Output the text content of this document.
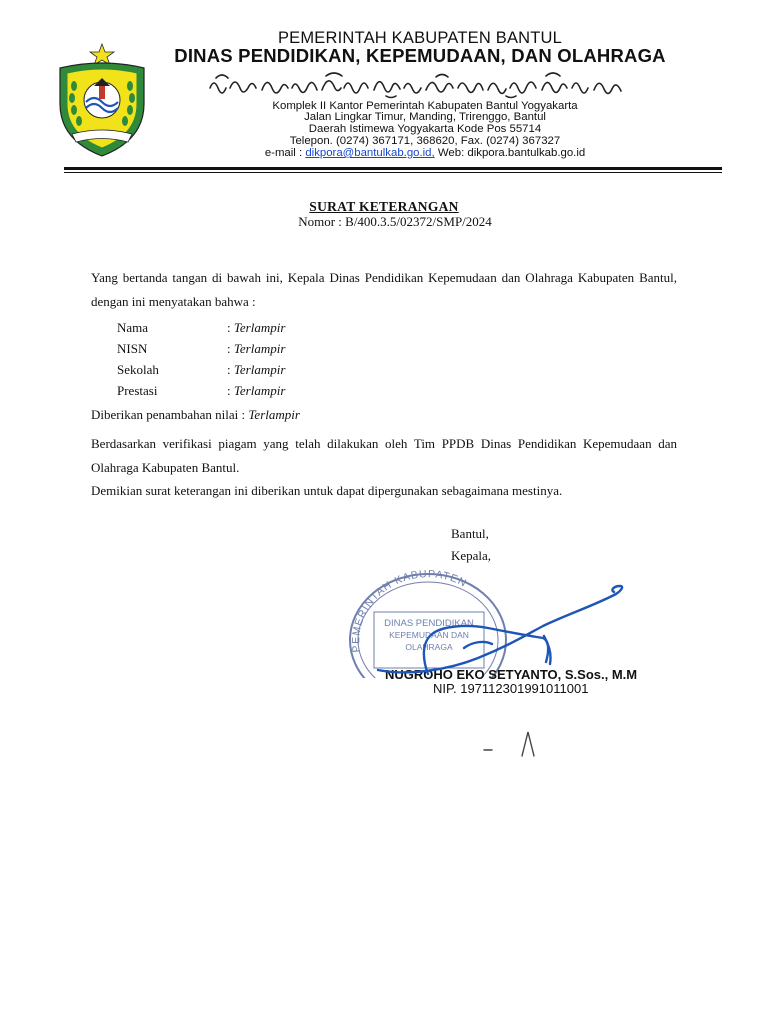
PEMERINTAH KABUPATEN BANTUL
DINAS PENDIDIKAN, KEPEMUDAAN, DAN OLAHRAGA
Komplek II Kantor Pemerintah Kabupaten Bantul Yogyakarta
Jalan Lingkar Timur, Manding, Trirenggo, Bantul
Daerah Istimewa Yogyakarta Kode Pos 55714
Telepon. (0274) 367171, 368620, Fax. (0274) 367327
e-mail : dikpora@bantulkab.go.id, Web: dikpora.bantulkab.go.id
SURAT KETERANGAN
Nomor : B/400.3.5/02372/SMP/2024
Yang bertanda tangan di bawah ini, Kepala Dinas Pendidikan Kepemudaan dan Olahraga Kabupaten Bantul, dengan ini menyatakan bahwa :
Nama	: Terlampir
NISN	: Terlampir
Sekolah	: Terlampir
Prestasi	: Terlampir
Diberikan penambahan nilai : Terlampir
Berdasarkan verifikasi piagam yang telah dilakukan oleh Tim PPDB Dinas Pendidikan Kepemudaan dan Olahraga Kabupaten Bantul.
Demikian surat keterangan ini diberikan untuk dapat dipergunakan sebagaimana mestinya.
Bantul,
Kepala,
PEMERINTAH KABUPATEN
DINAS PENDIDIKAN
KEPEMUDAAN DAN
OLAHRAGA
NUGROHO EKO SETYANTO, S.Sos., M.M
NIP. 197112301991011001
